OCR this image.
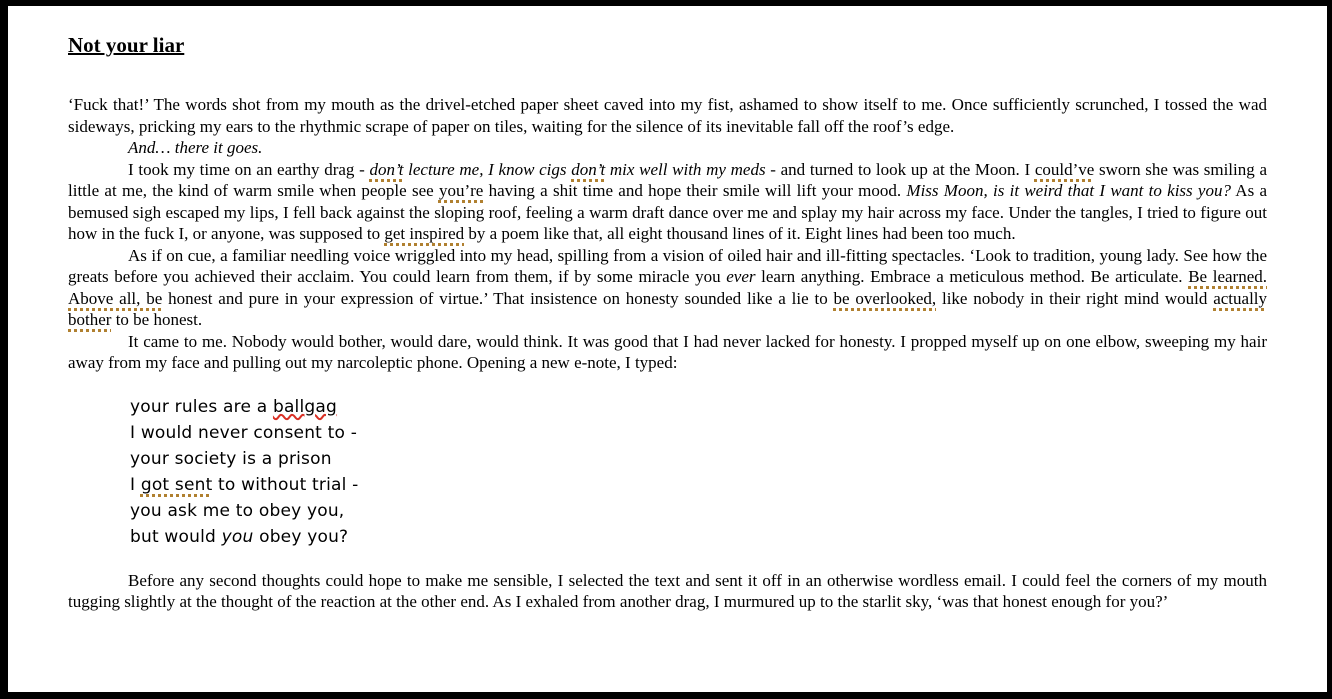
Not your liar

‘Fuck that!’ The words shot from my mouth as the drivel-etched paper sheet caved into my fist, ashamed to show itself to me. Once sufficiently scrunched, I tossed the wad sideways, pricking my ears to the rhythmic scrape of paper on tiles, waiting for the silence of its inevitable fall off the roof’s edge.

And… there it goes.

I took my time on an earthy drag - don’t lecture me, I know cigs don’t mix well with my meds - and turned to look up at the Moon. I could’ve sworn she was smiling a little at me, the kind of warm smile when people see you’re having a shit time and hope their smile will lift your mood. Miss Moon, is it weird that I want to kiss you? As a bemused sigh escaped my lips, I fell back against the sloping roof, feeling a warm draft dance over me and splay my hair across my face. Under the tangles, I tried to figure out how in the fuck I, or anyone, was supposed to get inspired by a poem like that, all eight thousand lines of it. Eight lines had been too much.

As if on cue, a familiar needling voice wriggled into my head, spilling from a vision of oiled hair and ill-fitting spectacles. ‘Look to tradition, young lady. See how the greats before you achieved their acclaim. You could learn from them, if by some miracle you ever learn anything. Embrace a meticulous method. Be articulate. Be learned. Above all, be honest and pure in your expression of virtue.’ That insistence on honesty sounded like a lie to be overlooked, like nobody in their right mind would actually bother to be honest.

It came to me. Nobody would bother, would dare, would think. It was good that I had never lacked for honesty. I propped myself up on one elbow, sweeping my hair away from my face and pulling out my narcoleptic phone. Opening a new e-note, I typed:

your rules are a ballgag

I would never consent to -

your society is a prison

I got sent to without trial -

you ask me to obey you,

but would you obey you?

Before any second thoughts could hope to make me sensible, I selected the text and sent it off in an otherwise wordless email. I could feel the corners of my mouth tugging slightly at the thought of the reaction at the other end. As I exhaled from another drag, I murmured up to the starlit sky, ‘was that honest enough for you?’
